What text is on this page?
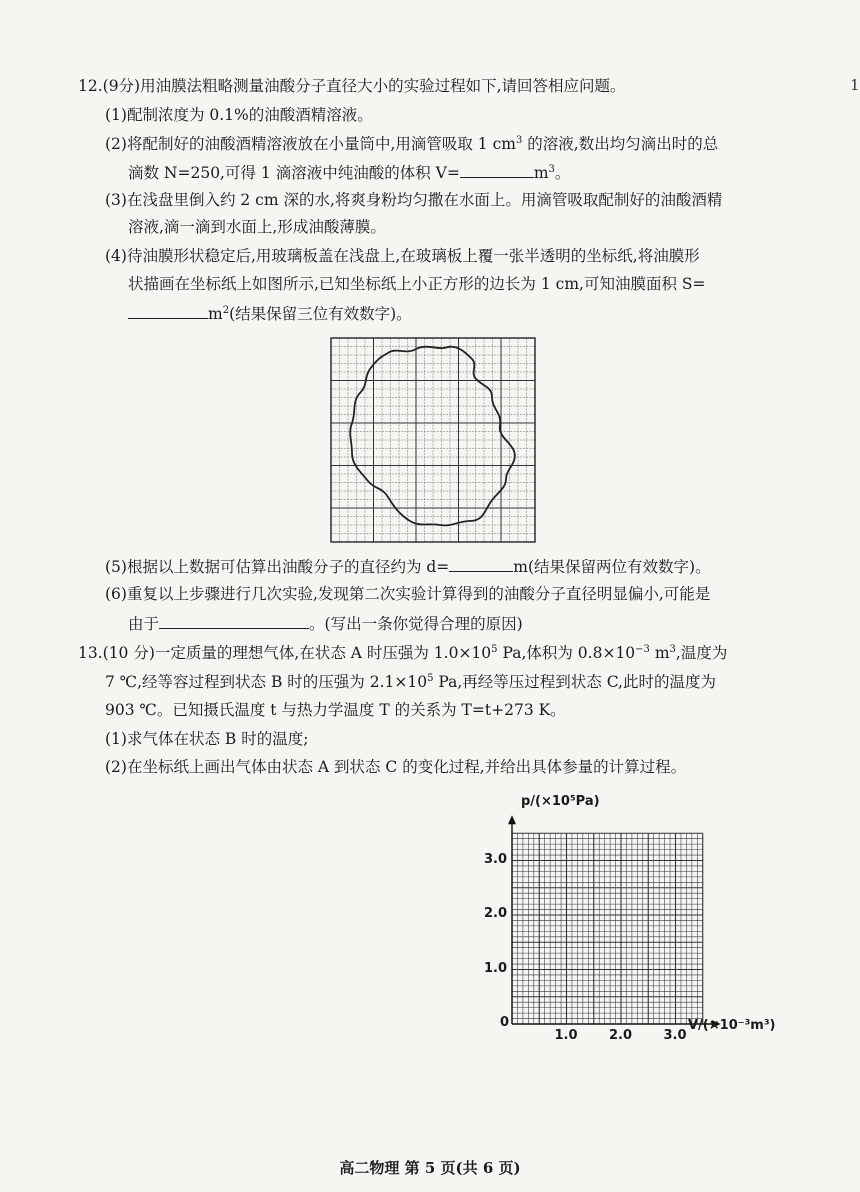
1
12.(9分)用油膜法粗略测量油酸分子直径大小的实验过程如下,请回答相应问题。
(1)配制浓度为 0.1%的油酸酒精溶液。
(2)将配制好的油酸酒精溶液放在小量筒中,用滴管吸取 1 $cm^3$ 的溶液,数出均匀滴出时的总
滴数 N=250,可得 1 滴溶液中纯油酸的体积 V=	$m^3$。
(3)在浅盘里倒入约 2 cm 深的水,将爽身粉均匀撒在水面上。用滴管吸取配制好的油酸酒精
溶液,滴一滴到水面上,形成油酸薄膜。
(4)待油膜形状稳定后,用玻璃板盖在浅盘上,在玻璃板上覆一张半透明的坐标纸,将油膜形
状描画在坐标纸上如图所示,已知坐标纸上小正方形的边长为 1 cm,可知油膜面积 S=
$m^2$(结果保留三位有效数字)。
(5)根据以上数据可估算出油酸分子的直径约为 d=	m(结果保留两位有效数字)。
(6)重复以上步骤进行几次实验,发现第二次实验计算得到的油酸分子直径明显偏小,可能是
由于	。(写出一条你觉得合理的原因)
13.(10 分)一定质量的理想气体,在状态 A 时压强为 $1.0\times 10^5$ Pa,体积为 $0.8\times 10^{-3}$ $m^3$,温度为
7 ℃,经等容过程到状态 B 时的压强为 $2.1\times 10^5$ Pa,再经等压过程到状态 C,此时的温度为
903 ℃。已知摄氏温度 t 与热力学温度 T 的关系为 T=t+273 K。
(1)求气体在状态 B 时的温度;
(2)在坐标纸上画出气体由状态 A 到状态 C 的变化过程,并给出具体参量的计算过程。
p/(×10⁵Pa)
V/(×10⁻³m³)
0
1.0 2.0 3.0
1.0
2.0
3.0
高二物理 第 5 页(共 6 页)
